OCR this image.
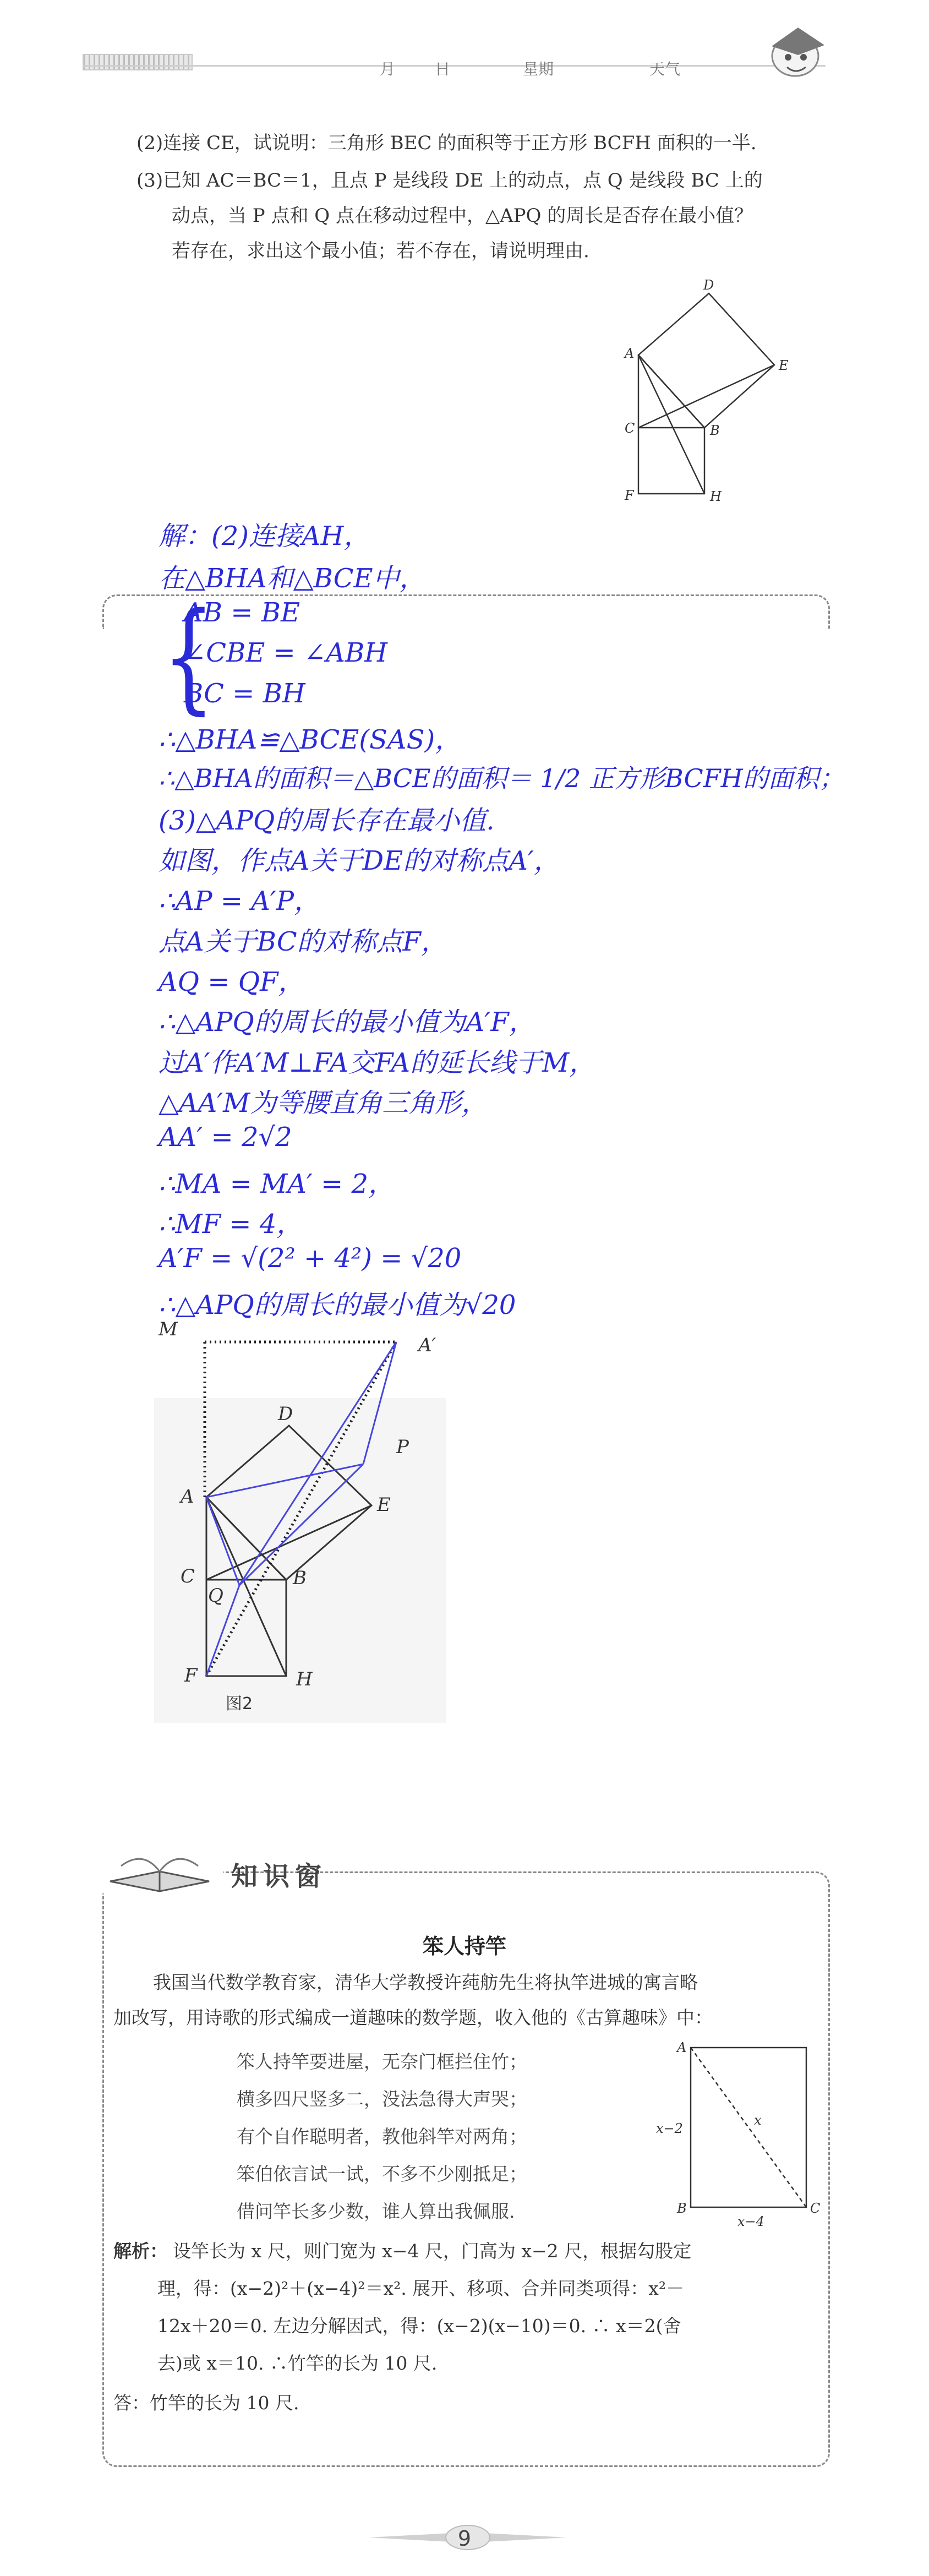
月	日	星期	天气
(2)连接 CE，试说明：三角形 BEC 的面积等于正方形 BCFH 面积的一半.
(3)已知 AC＝BC＝1，且点 P 是线段 DE 上的动点，点 Q 是线段 BC 上的
动点，当 P 点和 Q 点在移动过程中，△APQ 的周长是否存在最小值？
若存在，求出这个最小值；若不存在，请说明理由.
D
A
E
C	B
F	H
解：(2)连接AH，
在△BHA和△BCE中，
{
AB = BE
∠CBE = ∠ABH
BC = BH
∴△BHA≌△BCE(SAS)，
∴△BHA的面积＝△BCE的面积＝ 1/2 正方形BCFH的面积；
(3)△APQ的周长存在最小值.
如图，作点A关于DE的对称点A′，
∴AP = A′P，
点A关于BC的对称点F，
AQ = QF，
∴△APQ的周长的最小值为A′F，
过A′作A′M⊥FA交FA的延长线于M，
△AA′M为等腰直角三角形，
AA′ = 2√2
∴MA = MA′ = 2，
∴MF = 4，
A′F = √(2² + 4²) = √20
∴△APQ的周长的最小值为√20
M
A′
D
P
A	E
C	B
Q
F	H
图2
知识窗
笨人持竿
我国当代数学教育家，清华大学教授许莼舫先生将执竿进城的寓言略
加改写，用诗歌的形式编成一道趣味的数学题，收入他的《古算趣味》中：
笨人持竿要进屋，无奈门框拦住竹；
横多四尺竖多二，没法急得大声哭；
有个自作聪明者，教他斜竿对两角；
笨伯依言试一试，不多不少刚抵足；
借问竿长多少数，谁人算出我佩服.
A
B	C
x
x−2
x−4
解析： 设竿长为 x 尺，则门宽为 x−4 尺，门高为 x−2 尺，根据勾股定
理，得：(x−2)²＋(x−4)²＝x². 展开、移项、合并同类项得：x²－
12x＋20＝0. 左边分解因式，得：(x−2)(x−10)＝0. ∴ x＝2(舍
去)或 x＝10. ∴竹竿的长为 10 尺.
答：竹竿的长为 10 尺.
9
